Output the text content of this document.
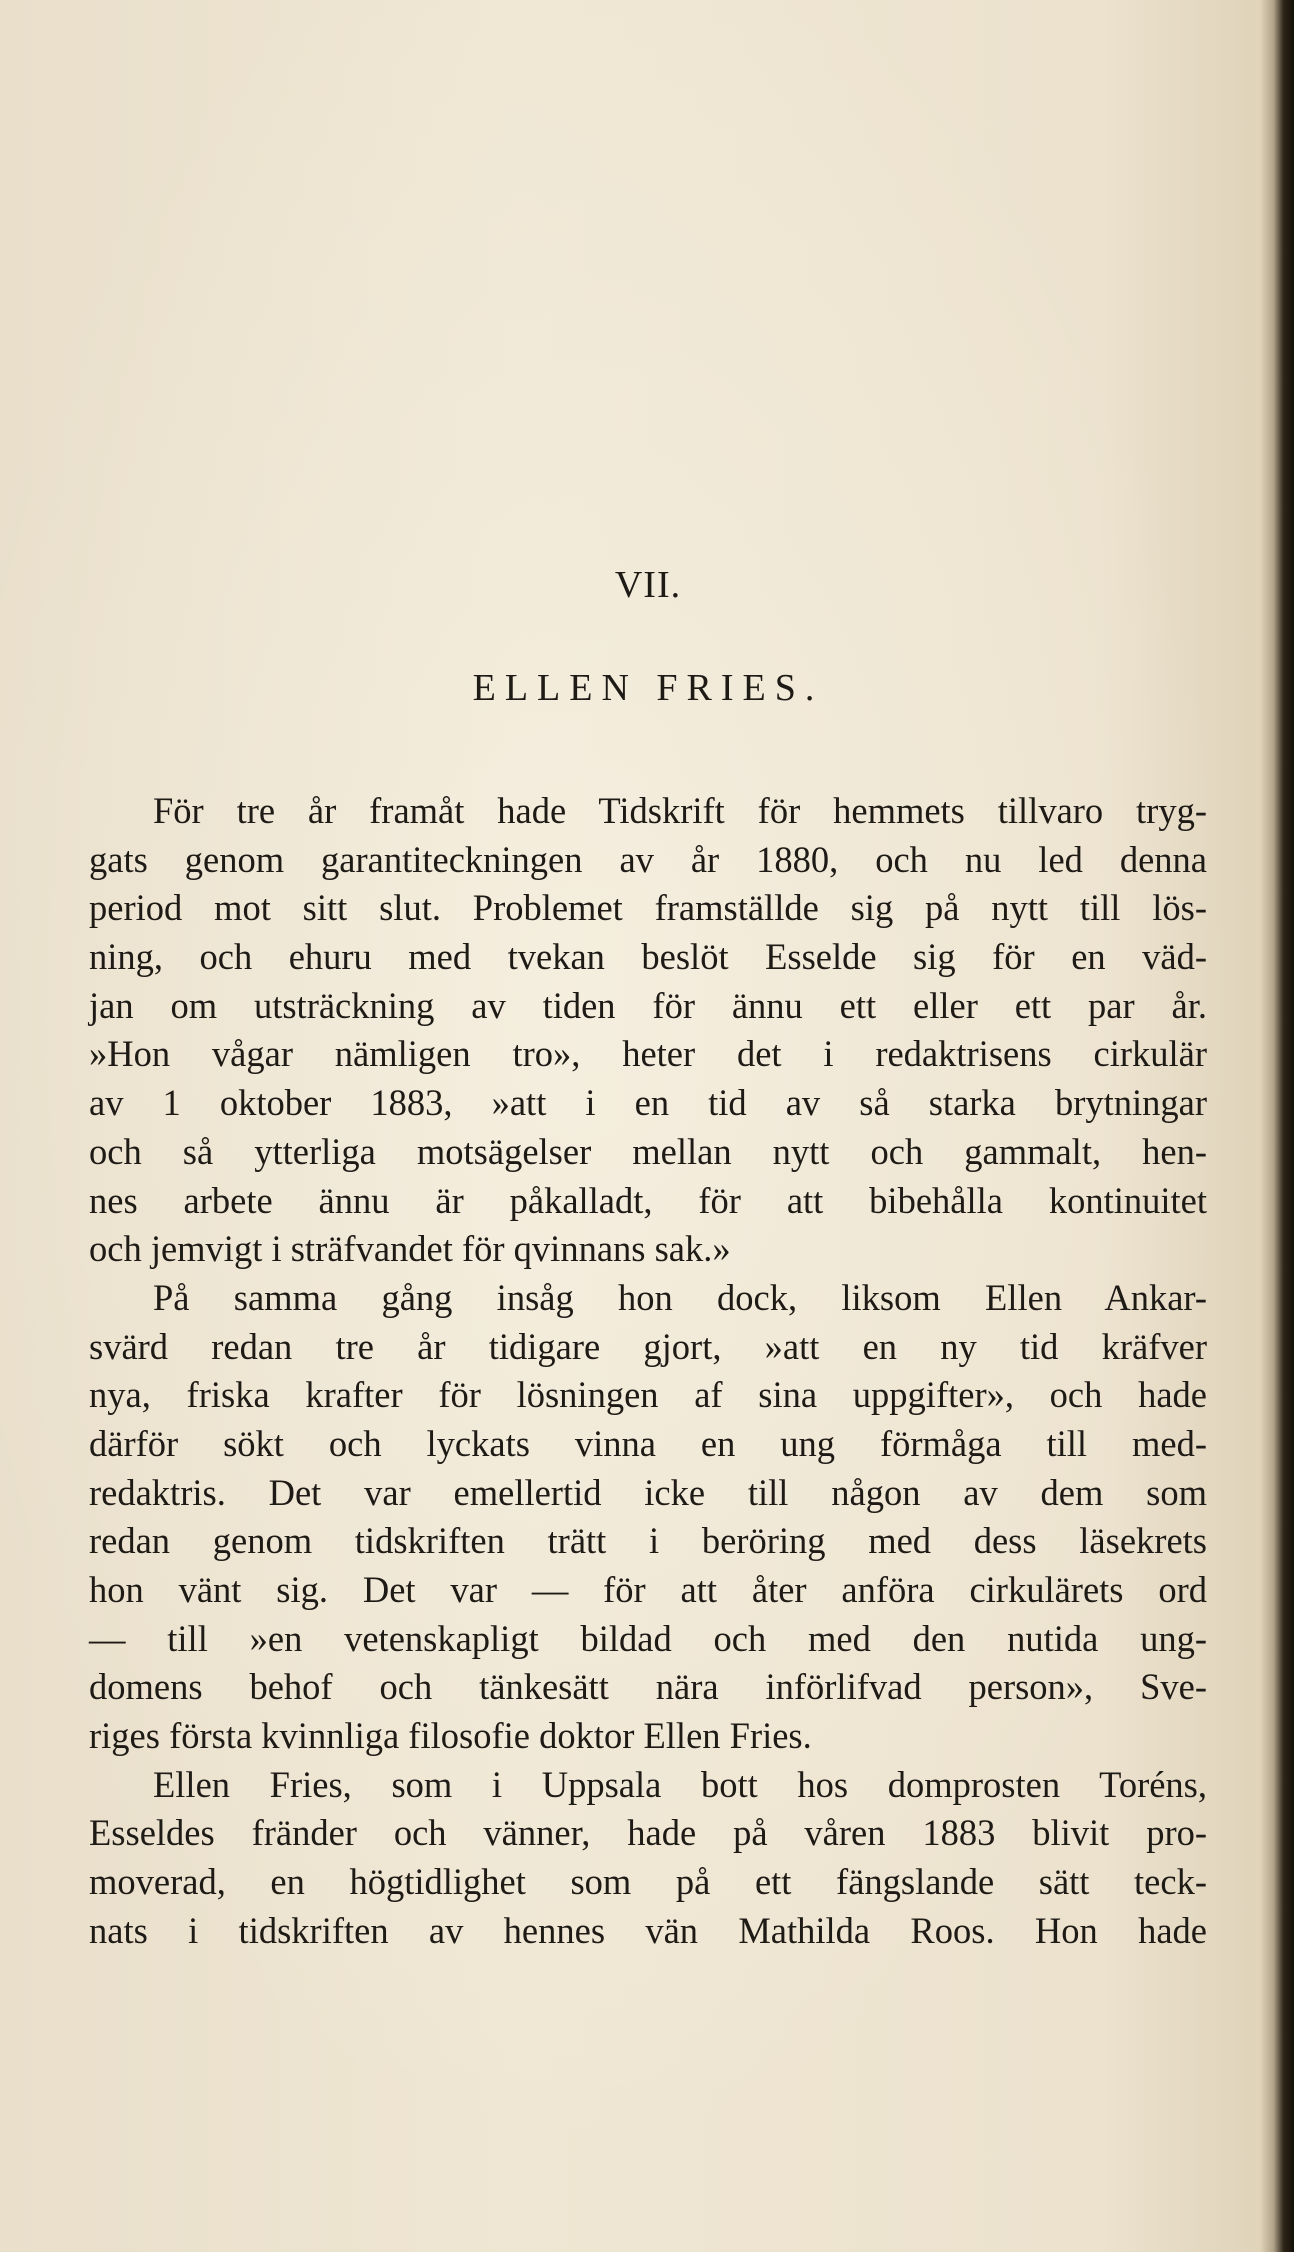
VII.
ELLEN FRIES.
För tre år framåt hade Tidskrift för hemmets tillvaro tryg-
gats genom garantiteckningen av år 1880, och nu led denna
period mot sitt slut. Problemet framställde sig på nytt till lös-
ning, och ehuru med tvekan beslöt Esselde sig för en väd-
jan om utsträckning av tiden för ännu ett eller ett par år.
»Hon vågar nämligen tro», heter det i redaktrisens cirkulär
av 1 oktober 1883, »att i en tid av så starka brytningar
och så ytterliga motsägelser mellan nytt och gammalt, hen-
nes arbete ännu är påkalladt, för att bibehålla kontinuitet
och jemvigt i sträfvandet för qvinnans sak.»
På samma gång insåg hon dock, liksom Ellen Ankar-
svärd redan tre år tidigare gjort, »att en ny tid kräfver
nya, friska krafter för lösningen af sina uppgifter», och hade
därför sökt och lyckats vinna en ung förmåga till med-
redaktris. Det var emellertid icke till någon av dem som
redan genom tidskriften trätt i beröring med dess läsekrets
hon vänt sig. Det var — för att åter anföra cirkulärets ord
— till »en vetenskapligt bildad och med den nutida ung-
domens behof och tänkesätt nära införlifvad person», Sve-
riges första kvinnliga filosofie doktor Ellen Fries.
Ellen Fries, som i Uppsala bott hos domprosten Toréns,
Esseldes fränder och vänner, hade på våren 1883 blivit pro-
moverad, en högtidlighet som på ett fängslande sätt teck-
nats i tidskriften av hennes vän Mathilda Roos. Hon hade
